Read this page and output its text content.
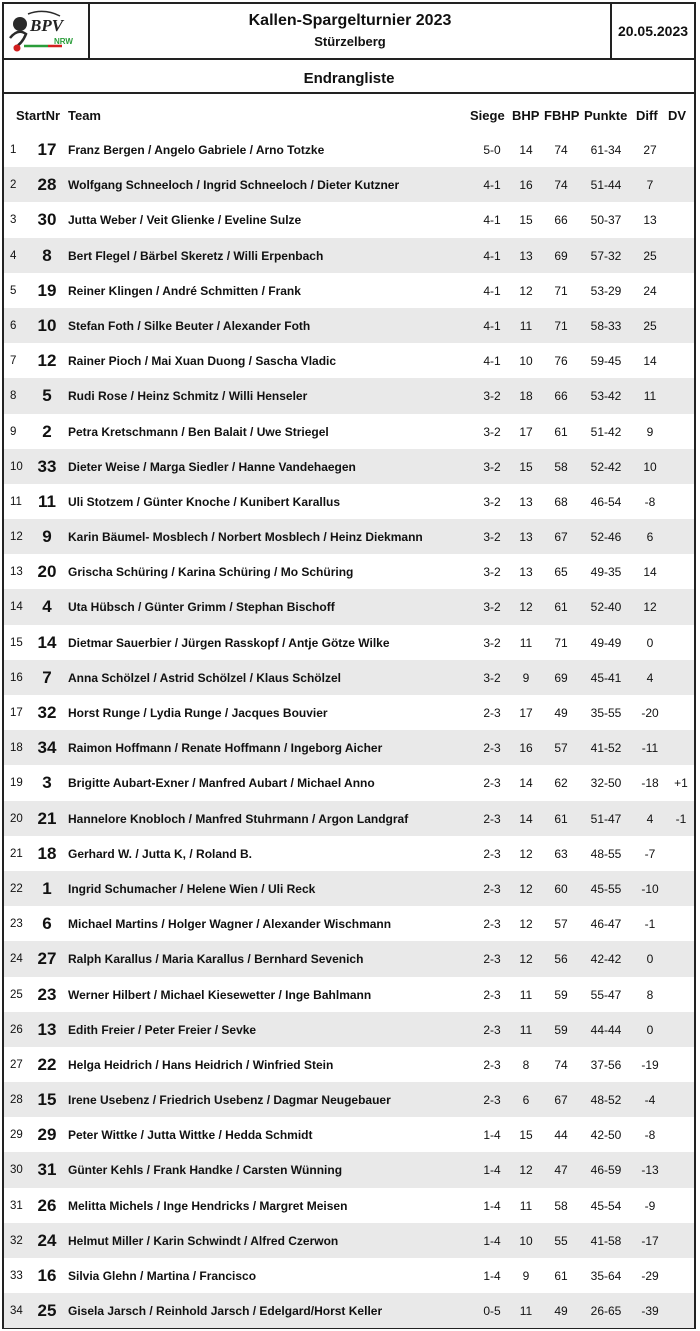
BPV
NRW
Kallen-Spargelturnier 2023
Stürzelberg
20.05.2023
Endrangliste
StartNr Team	Siege BHP FBHP Punkte Diff DV
1	17 Franz Bergen / Angelo Gabriele / Arno Totzke	5-0	14	74	61-34	27
2	28 Wolfgang Schneeloch / Ingrid Schneeloch / Dieter Kutzner	4-1	16	74	51-44	7
3	30 Jutta Weber / Veit Glienke / Eveline Sulze	4-1	15	66	50-37	13
4	8	Bert Flegel / Bärbel Skeretz / Willi Erpenbach	4-1	13	69	57-32	25
5	19 Reiner Klingen / André Schmitten / Frank	4-1	12	71	53-29	24
6	10 Stefan Foth / Silke Beuter / Alexander Foth	4-1	11	71	58-33	25
7	12 Rainer Pioch / Mai Xuan Duong / Sascha Vladic	4-1	10	76	59-45	14
8	5	Rudi Rose / Heinz Schmitz / Willi Henseler	3-2	18	66	53-42	11
9	2	Petra Kretschmann / Ben Balait / Uwe Striegel	3-2	17	61	51-42	9
10 33 Dieter Weise / Marga Siedler / Hanne Vandehaegen	3-2	15	58	52-42	10
11 11	Uli Stotzem / Günter Knoche / Kunibert Karallus	3-2	13	68	46-54	-8
12	9	Karin Bäumel- Mosblech / Norbert Mosblech / Heinz Diekmann	3-2	13	67	52-46	6
13 20 Grischa Schüring / Karina Schüring / Mo Schüring	3-2	13	65	49-35	14
14	4	Uta Hübsch / Günter Grimm / Stephan Bischoff	3-2	12	61	52-40	12
15 14 Dietmar Sauerbier / Jürgen Rasskopf / Antje Götze Wilke	3-2	11	71	49-49	0
16	7	Anna Schölzel / Astrid Schölzel / Klaus Schölzel	3-2	9	69	45-41	4
17 32 Horst Runge / Lydia Runge / Jacques Bouvier	2-3	17	49	35-55	-20
18 34 Raimon Hoffmann / Renate Hoffmann / Ingeborg Aicher	2-3	16	57	41-52	-11
19	3	Brigitte Aubart-Exner / Manfred Aubart / Michael Anno	2-3	14	62	32-50	-18	+1
20 21 Hannelore Knobloch / Manfred Stuhrmann / Argon Landgraf	2-3	14	61	51-47	4	-1
21 18 Gerhard W. / Jutta K, / Roland B.	2-3	12	63	48-55	-7
22	1	Ingrid Schumacher / Helene Wien / Uli Reck	2-3	12	60	45-55	-10
23	6	Michael Martins / Holger Wagner / Alexander Wischmann	2-3	12	57	46-47	-1
24 27 Ralph Karallus / Maria Karallus / Bernhard Sevenich	2-3	12	56	42-42	0
25 23 Werner Hilbert / Michael Kiesewetter / Inge Bahlmann	2-3	11	59	55-47	8
26 13 Edith Freier / Peter Freier / Sevke	2-3	11	59	44-44	0
27 22 Helga Heidrich / Hans Heidrich / Winfried Stein	2-3	8	74	37-56	-19
28 15 Irene Usebenz / Friedrich Usebenz / Dagmar Neugebauer	2-3	6	67	48-52	-4
29 29 Peter Wittke / Jutta Wittke / Hedda Schmidt	1-4	15	44	42-50	-8
30 31 Günter Kehls / Frank Handke / Carsten Wünning	1-4	12	47	46-59	-13
31 26 Melitta Michels / Inge Hendricks / Margret Meisen	1-4	11	58	45-54	-9
32 24 Helmut Miller / Karin Schwindt / Alfred Czerwon	1-4	10	55	41-58	-17
33 16 Silvia Glehn / Martina / Francisco	1-4	9	61	35-64	-29
34 25 Gisela Jarsch / Reinhold Jarsch / Edelgard/Horst Keller	0-5	11	49	26-65	-39
